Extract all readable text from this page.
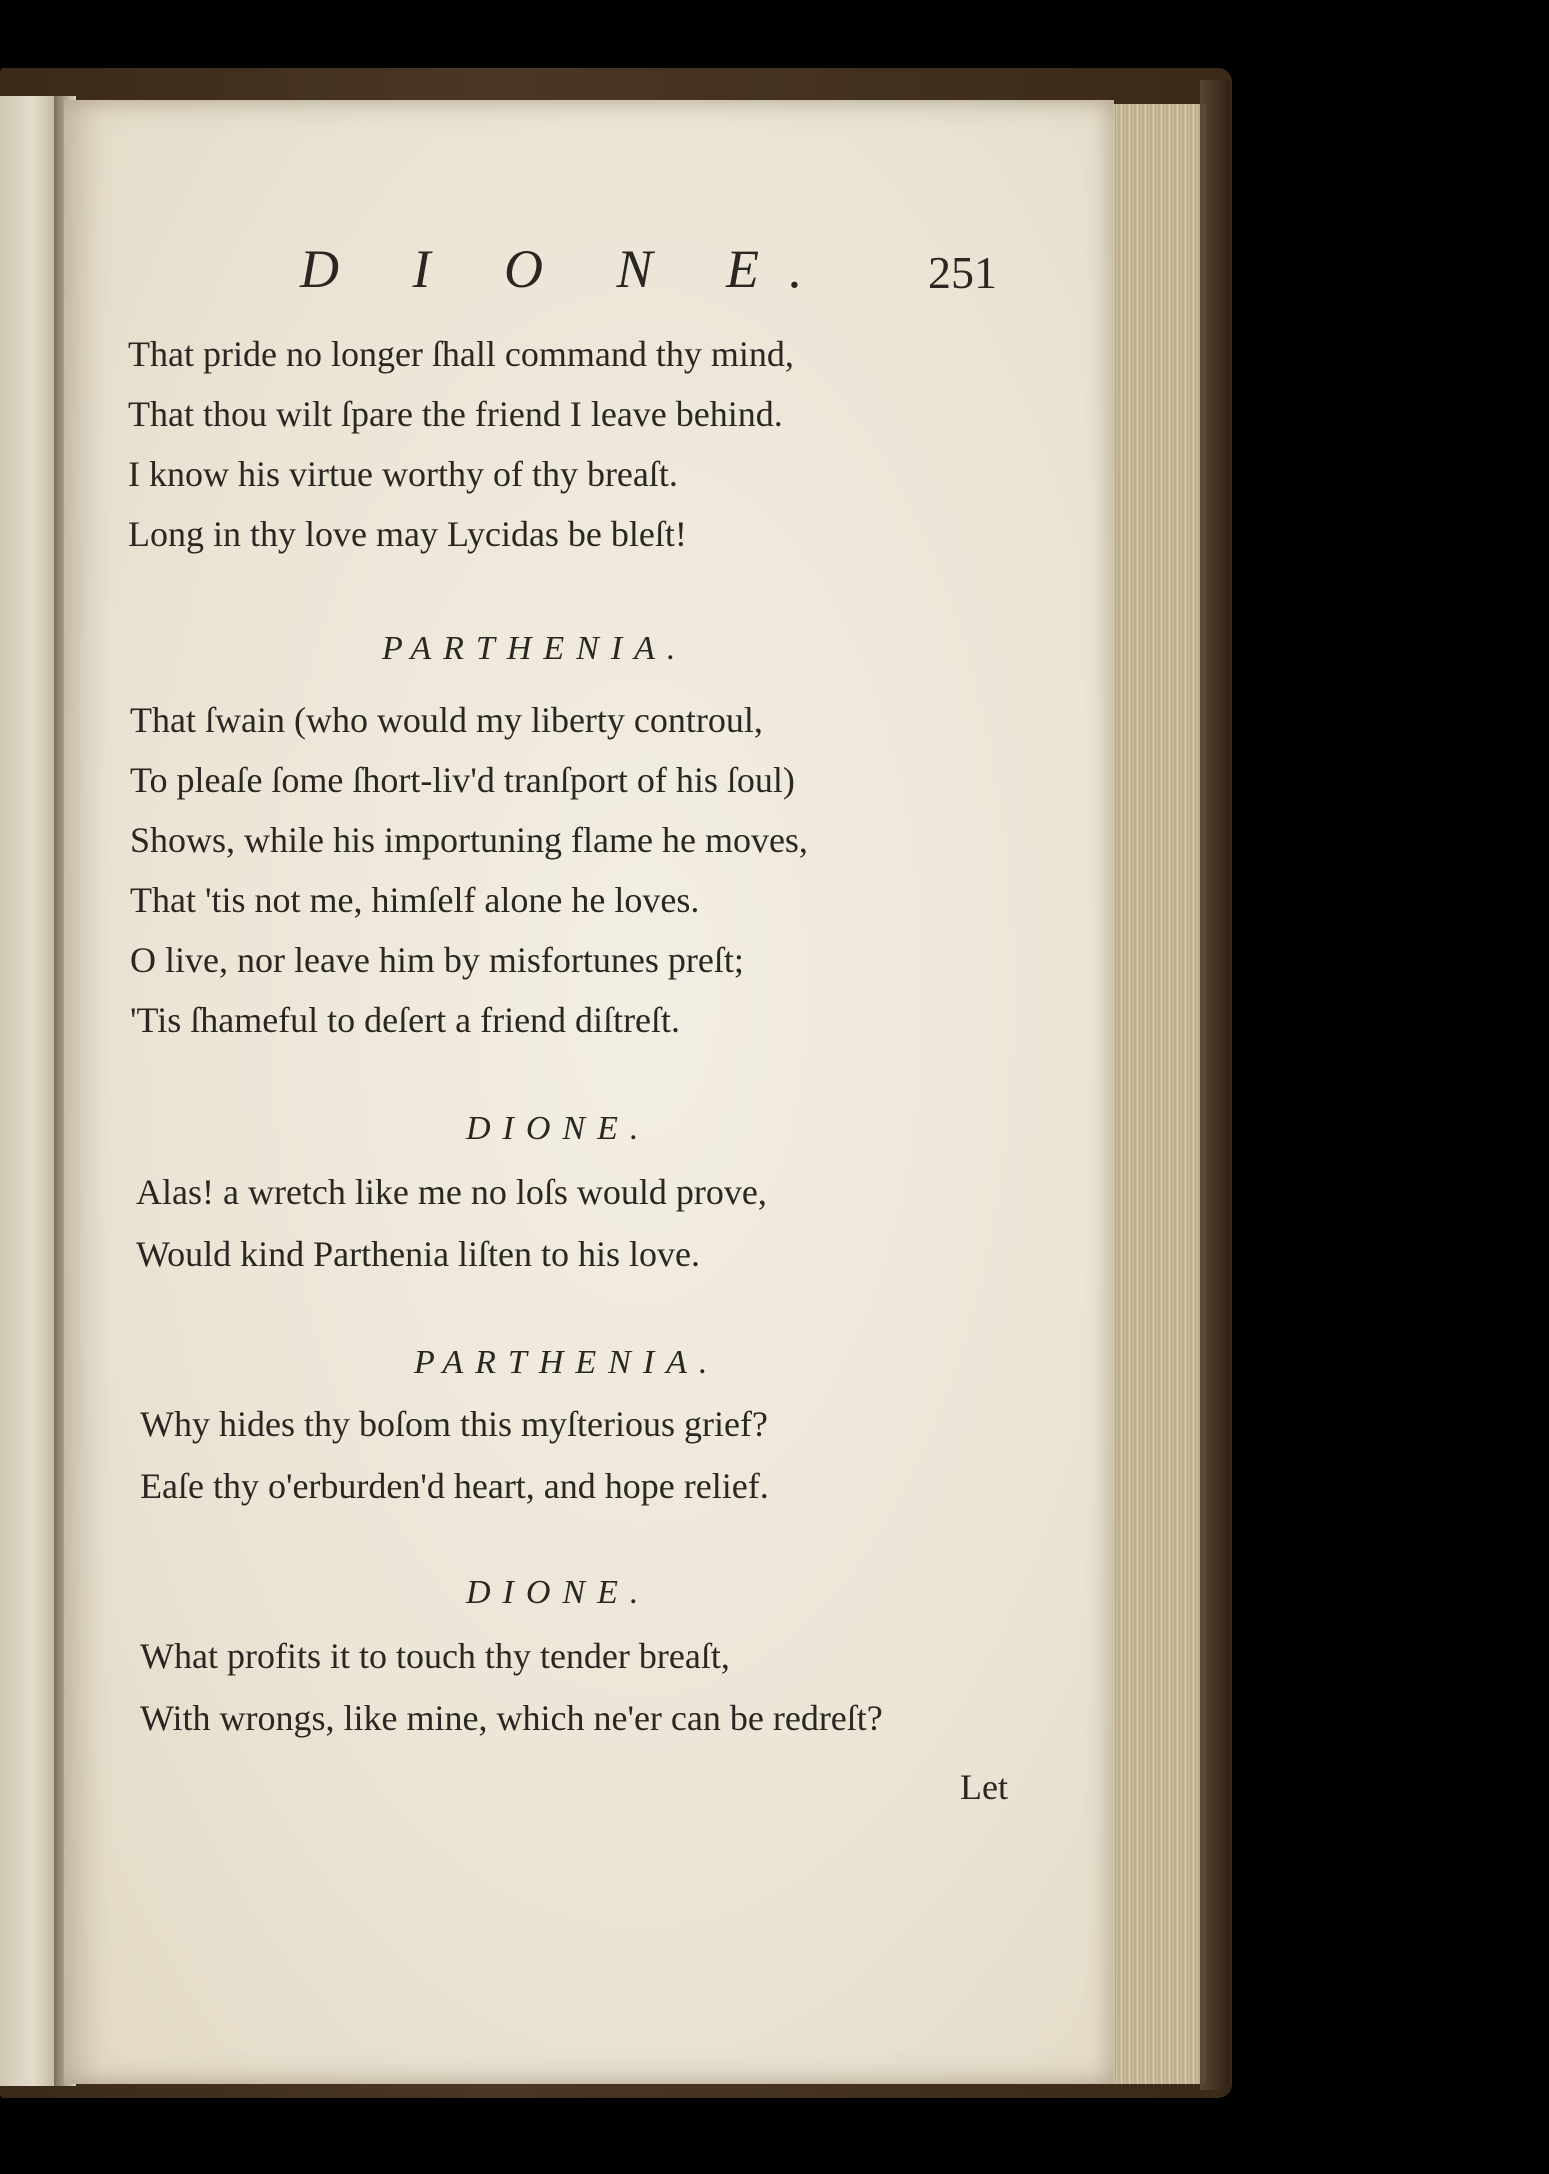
D I O N E. 251
That pride no longer ſhall command thy mind,
That thou wilt ſpare the friend I leave behind.
I know his virtue worthy of thy breaſt.
Long in thy love may Lycidas be bleſt!
PARTHENIA.
That ſwain (who would my liberty controul,
To pleaſe ſome ſhort-liv'd tranſport of his ſoul)
Shows, while his importuning flame he moves,
That 'tis not me, himſelf alone he loves.
O live, nor leave him by misfortunes preſt;
'Tis ſhameful to deſert a friend diſtreſt.
DIONE.
Alas! a wretch like me no loſs would prove,
Would kind Parthenia liſten to his love.
PARTHENIA.
Why hides thy boſom this myſterious grief?
Eaſe thy o'erburden'd heart, and hope relief.
DIONE.
What profits it to touch thy tender breaſt,
With wrongs, like mine, which ne'er can be redreſt?
Let
